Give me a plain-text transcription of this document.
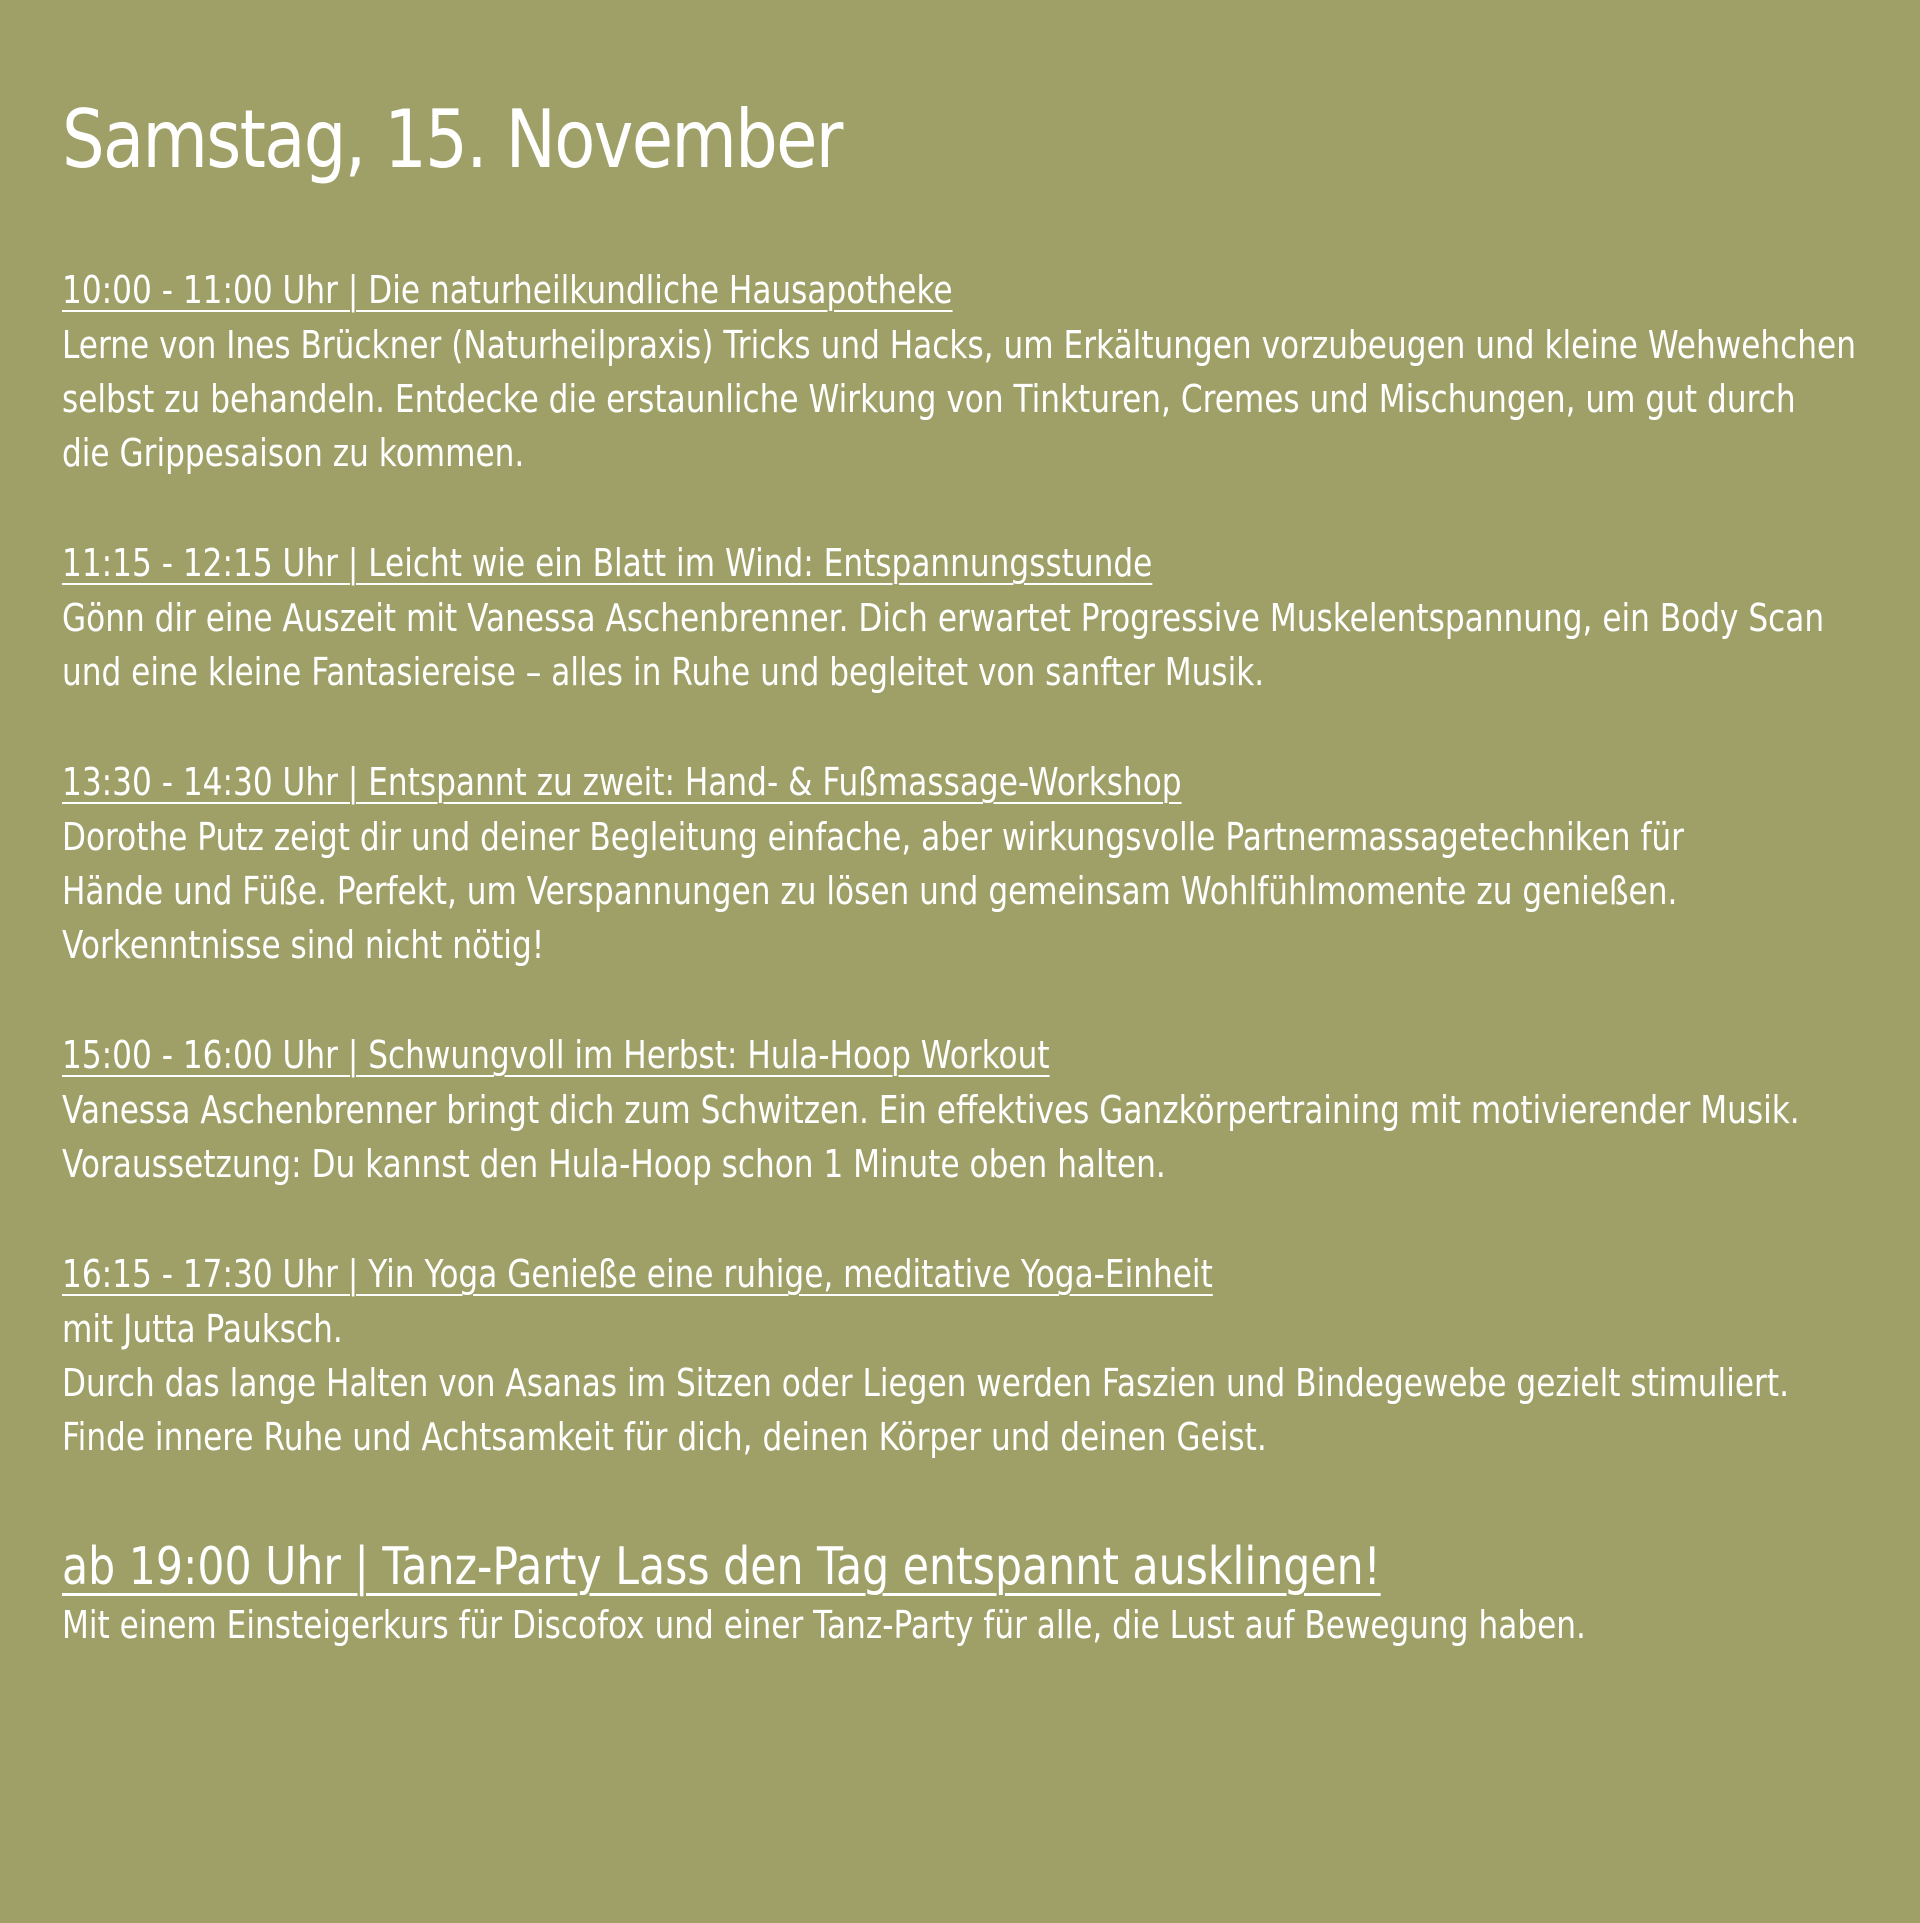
Samstag, 15. November
10:00 - 11:00 Uhr | Die naturheilkundliche Hausapotheke
Lerne von Ines Brückner (Naturheilpraxis) Tricks und Hacks, um Erkältungen vorzubeugen und kleine Wehwehchen
selbst zu behandeln. Entdecke die erstaunliche Wirkung von Tinkturen, Cremes und Mischungen, um gut durch
die Grippesaison zu kommen.
11:15 - 12:15 Uhr | Leicht wie ein Blatt im Wind: Entspannungsstunde
Gönn dir eine Auszeit mit Vanessa Aschenbrenner. Dich erwartet Progressive Muskelentspannung, ein Body Scan
und eine kleine Fantasiereise – alles in Ruhe und begleitet von sanfter Musik.
13:30 - 14:30 Uhr | Entspannt zu zweit: Hand- & Fußmassage-Workshop
Dorothe Putz zeigt dir und deiner Begleitung einfache, aber wirkungsvolle Partnermassagetechniken für
Hände und Füße. Perfekt, um Verspannungen zu lösen und gemeinsam Wohlfühlmomente zu genießen.
Vorkenntnisse sind nicht nötig!
15:00 - 16:00 Uhr | Schwungvoll im Herbst: Hula-Hoop Workout
Vanessa Aschenbrenner bringt dich zum Schwitzen. Ein effektives Ganzkörpertraining mit motivierender Musik.
Voraussetzung: Du kannst den Hula-Hoop schon 1 Minute oben halten.
16:15 - 17:30 Uhr | Yin Yoga Genieße eine ruhige, meditative Yoga-Einheit
mit Jutta Pauksch.
Durch das lange Halten von Asanas im Sitzen oder Liegen werden Faszien und Bindegewebe gezielt stimuliert.
Finde innere Ruhe und Achtsamkeit für dich, deinen Körper und deinen Geist.
ab 19:00 Uhr | Tanz-Party Lass den Tag entspannt ausklingen!
Mit einem Einsteigerkurs für Discofox und einer Tanz-Party für alle, die Lust auf Bewegung haben.
